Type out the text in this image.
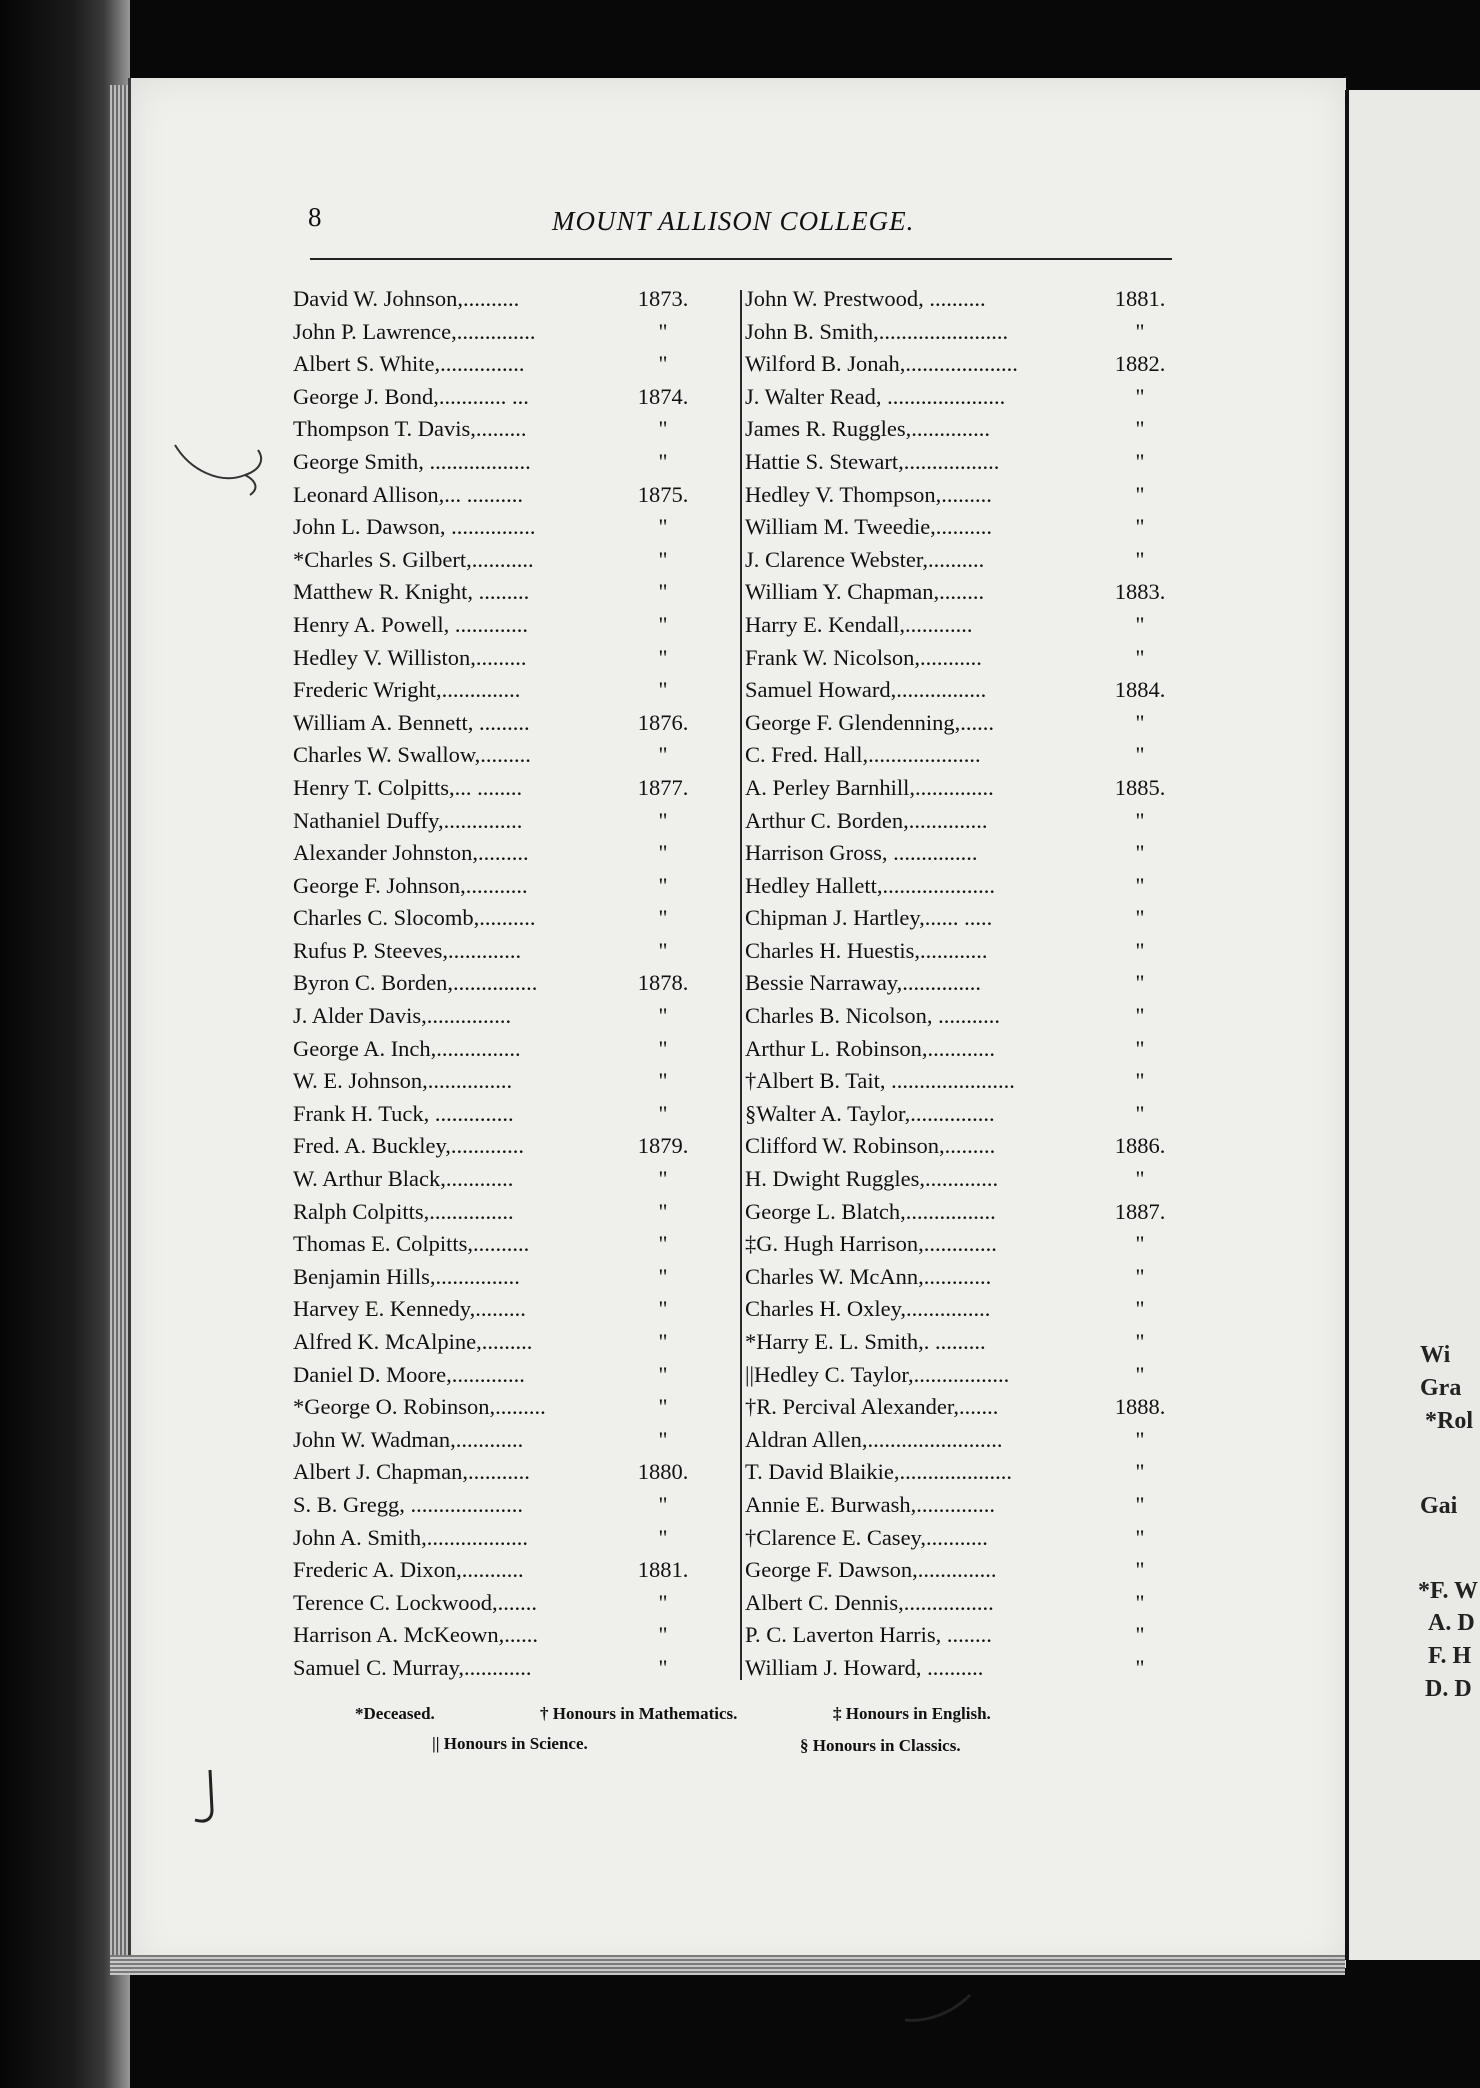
Wi
Gra
*Rol
Gai
*F. W
A. D
F. H
D. D
8	MOUNT ALLISON COLLEGE.
David W. Johnson,..........	1873.
John P. Lawrence,..............	"
Albert S. White,...............	"
George J. Bond,............ ...	1874.
Thompson T. Davis,.........	"
George Smith, ..................	"
Leonard Allison,... ..........	1875.
John L. Dawson, ...............	"
*Charles S. Gilbert,...........	"
Matthew R. Knight, .........	"
Henry A. Powell, .............	"
Hedley V. Williston,.........	"
Frederic Wright,..............	"
William A. Bennett, .........	1876.
Charles W. Swallow,.........	"
Henry T. Colpitts,... ........	1877.
Nathaniel Duffy,..............	"
Alexander Johnston,.........	"
George F. Johnson,...........	"
Charles C. Slocomb,..........	"
Rufus P. Steeves,.............	"
Byron C. Borden,...............	1878.
J. Alder Davis,...............	"
George A. Inch,...............	"
W. E. Johnson,...............	"
Frank H. Tuck, ..............	"
Fred. A. Buckley,.............	1879.
W. Arthur Black,............	"
Ralph Colpitts,...............	"
Thomas E. Colpitts,..........	"
Benjamin Hills,...............	"
Harvey E. Kennedy,.........	"
Alfred K. McAlpine,.........	"
Daniel D. Moore,.............	"
*George O. Robinson,.........	"
John W. Wadman,............	"
Albert J. Chapman,...........	1880.
S. B. Gregg, ....................	"
John A. Smith,..................	"
Frederic A. Dixon,...........	1881.
Terence C. Lockwood,.......	"
Harrison A. McKeown,......	"
Samuel C. Murray,............	"
John W. Prestwood, ..........	1881.
John B. Smith,.......................	"
Wilford B. Jonah,....................	1882.
J. Walter Read, .....................	"
James R. Ruggles,..............	"
Hattie S. Stewart,.................	"
Hedley V. Thompson,.........	"
William M. Tweedie,..........	"
J. Clarence Webster,..........	"
William Y. Chapman,........	1883.
Harry E. Kendall,............	"
Frank W. Nicolson,...........	"
Samuel Howard,................	1884.
George F. Glendenning,......	"
C. Fred. Hall,....................	"
A. Perley Barnhill,..............	1885.
Arthur C. Borden,..............	"
Harrison Gross, ...............	"
Hedley Hallett,....................	"
Chipman J. Hartley,...... .....	"
Charles H. Huestis,............	"
Bessie Narraway,..............	"
Charles B. Nicolson, ...........	"
Arthur L. Robinson,............	"
†Albert B. Tait, ......................	"
§Walter A. Taylor,...............	"
Clifford W. Robinson,.........	1886.
H. Dwight Ruggles,.............	"
George L. Blatch,................	1887.
‡G. Hugh Harrison,.............	"
Charles W. McAnn,............	"
Charles H. Oxley,...............	"
*Harry E. L. Smith,. .........	"
||Hedley C. Taylor,.................	"
†R. Percival Alexander,.......	1888.
Aldran Allen,........................	"
T. David Blaikie,....................	"
Annie E. Burwash,..............	"
†Clarence E. Casey,...........	"
George F. Dawson,..............	"
Albert C. Dennis,................	"
P. C. Laverton Harris, ........	"
William J. Howard, ..........	"
*Deceased.	† Honours in Mathematics.	‡ Honours in English.
|| Honours in Science.	§ Honours in Classics.
